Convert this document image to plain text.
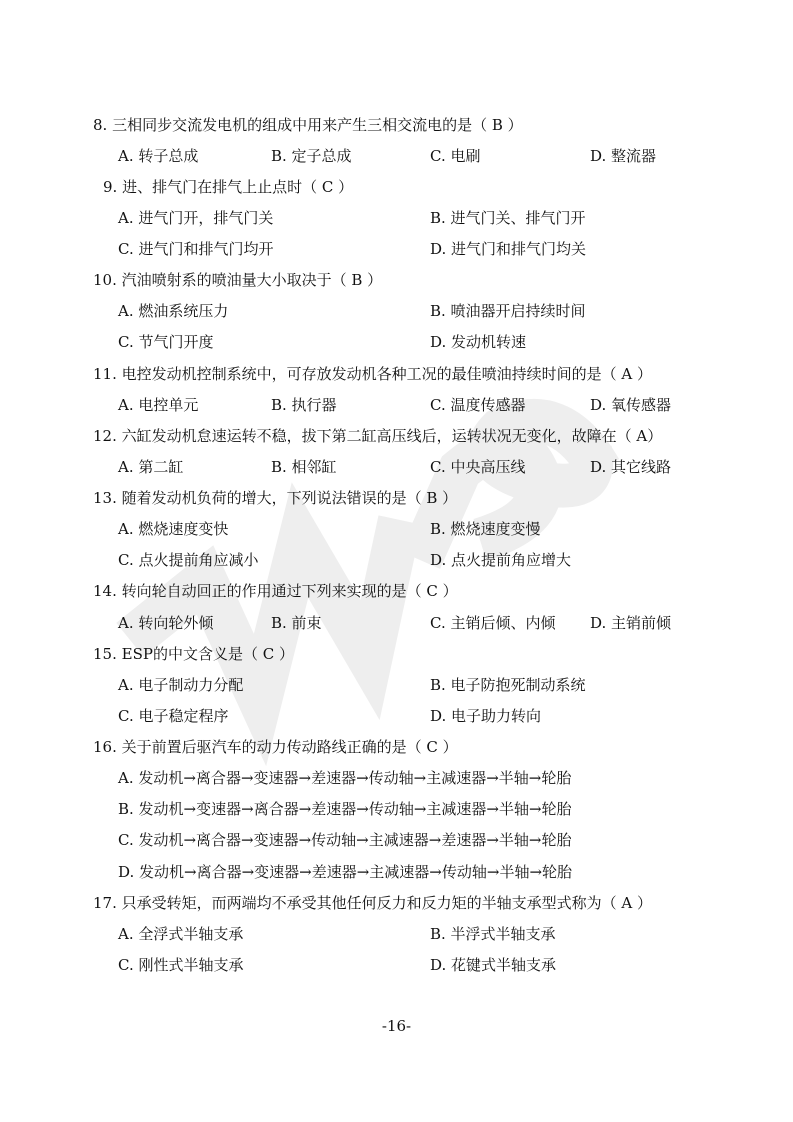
8. 三相同步交流发电机的组成中用来产生三相交流电的是（ B ）
A. 转子总成	B. 定子总成	C. 电刷	D. 整流器
9. 进、排气门在排气上止点时（ C ）
A. 进气门开，排气门关	B. 进气门关、排气门开
C. 进气门和排气门均开	D. 进气门和排气门均关
10. 汽油喷射系的喷油量大小取决于（ B ）
A. 燃油系统压力	B. 喷油器开启持续时间
C. 节气门开度	D. 发动机转速
11. 电控发动机控制系统中，可存放发动机各种工况的最佳喷油持续时间的是（ A ）
A. 电控单元	B. 执行器	C. 温度传感器	D. 氧传感器
12. 六缸发动机怠速运转不稳，拔下第二缸高压线后，运转状况无变化，故障在（ A）
A. 第二缸	B. 相邻缸	C. 中央高压线	D. 其它线路
13. 随着发动机负荷的增大，下列说法错误的是（ B ）
A. 燃烧速度变快	B. 燃烧速度变慢
C. 点火提前角应减小	D. 点火提前角应增大
14. 转向轮自动回正的作用通过下列来实现的是（ C ）
A. 转向轮外倾	B. 前束	C. 主销后倾、内倾 D. 主销前倾
15. ESP的中文含义是（ C ）
A. 电子制动力分配	B. 电子防抱死制动系统
C. 电子稳定程序	D. 电子助力转向
16. 关于前置后驱汽车的动力传动路线正确的是（ C ）
A. 发动机→离合器→变速器→差速器→传动轴→主减速器→半轴→轮胎
B. 发动机→变速器→离合器→差速器→传动轴→主减速器→半轴→轮胎
C. 发动机→离合器→变速器→传动轴→主减速器→差速器→半轴→轮胎
D. 发动机→离合器→变速器→差速器→主减速器→传动轴→半轴→轮胎
17. 只承受转矩，而两端均不承受其他任何反力和反力矩的半轴支承型式称为（ A ）
A. 全浮式半轴支承	B. 半浮式半轴支承
C. 刚性式半轴支承	D. 花键式半轴支承
-16-
